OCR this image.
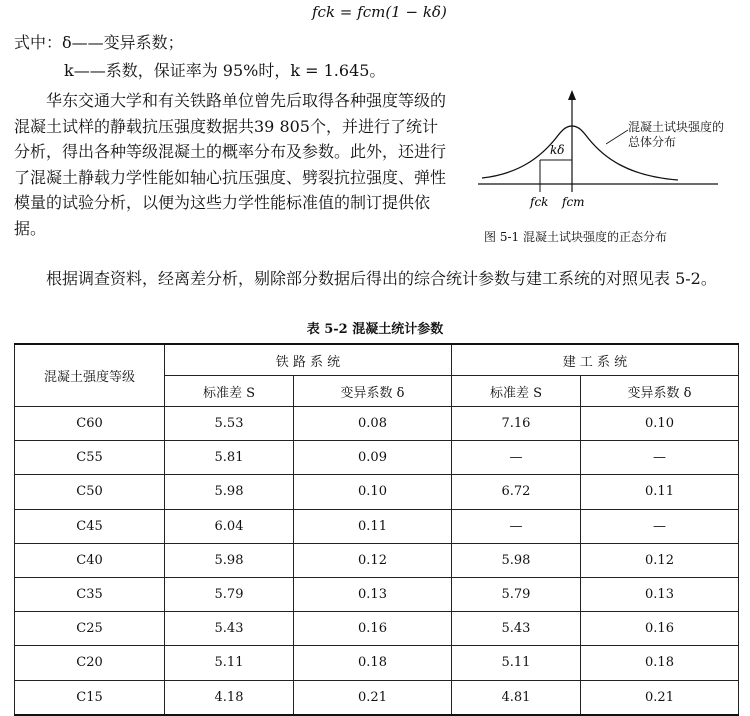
fck = fcm(1 − kδ)
式中：δ——变异系数；
k——系数，保证率为 95%时，k = 1.645。
华东交通大学和有关铁路单位曾先后取得各种强度等级的混凝土试样的静载抗压强度数据共39 805个，并进行了统计分析，得出各种等级混凝土的概率分布及参数。此外，还进行了混凝土静载力学性能如轴心抗压强度、劈裂抗拉强度、弹性模量的试验分析，以便为这些力学性能标准值的制订提供依据。
kδ
fck fcm
混凝土试块强度的总体分布
图 5-1 混凝土试块强度的正态分布
根据调查资料，经离差分析，剔除部分数据后得出的综合统计参数与建工系统的对照见表 5-2。
表 5-2 混凝土统计参数
混凝土强度等级	铁 路 系 统		建 工 系 统	
	标准差 S	变异系数 δ	标准差 S	变异系数 δ
C60	5.53	0.08	7.16	0.10
C55	5.81	0.09	—	—
C50	5.98	0.10	6.72	0.11
C45	6.04	0.11	—	—
C40	5.98	0.12	5.98	0.12
C35	5.79	0.13	5.79	0.13
C25	5.43	0.16	5.43	0.16
C20	5.11	0.18	5.11	0.18
C15	4.18	0.21	4.81	0.21
